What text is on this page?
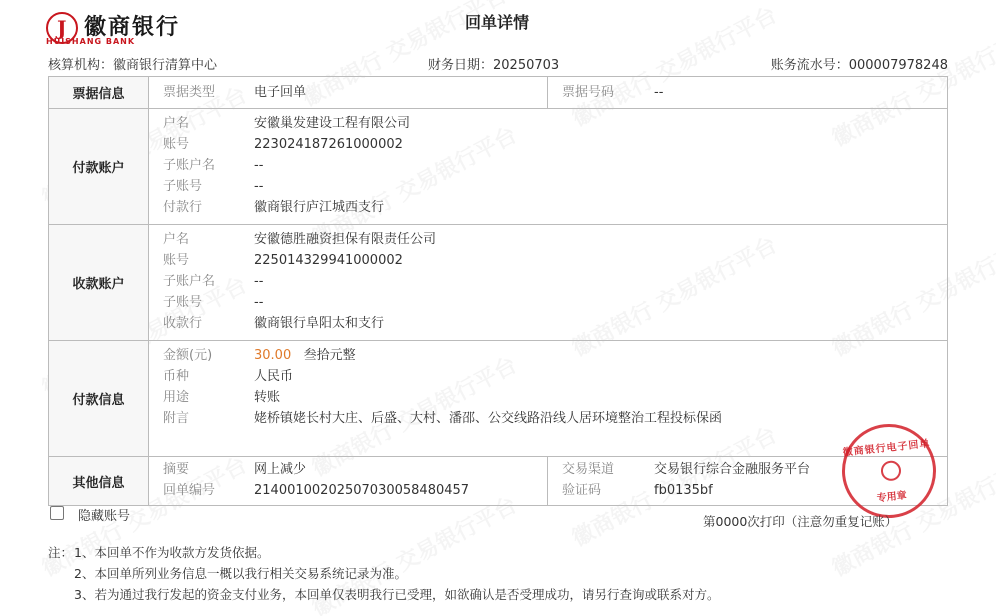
J
徽商银行
HUISHANG BANK
回单详情
核算机构：徽商银行清算中心	财务日期：20250703	账务流水号：000007978248
票据信息	票据类型	电子回单	票据号码	--
付款账户
户名	安徽巢发建设工程有限公司
账号	223024187261000002
子账户名	--
子账号	--
付款行	徽商银行庐江城西支行
收款账户
户名	安徽德胜融资担保有限责任公司
账号	225014329941000002
子账户名	--
子账号	--
收款行	徽商银行阜阳太和支行
付款信息
金额(元)	30.00 叁拾元整
币种	人民币
用途	转账
附言	姥桥镇姥长村大庄、后盛、大村、潘邵、公交线路沿线人居环境整治工程投标保函
其他信息
摘要	网上减少	交易渠道	交易银行综合金融服务平台
回单编号	21400100202507030058480457	验证码	fb0135bf
徽商银行电子回单
专用章
隐藏账号	第0000次打印（注意勿重复记账）
注： 1、本回单不作为收款方发货依据。
2、本回单所列业务信息一概以我行相关交易系统记录为准。
3、若为通过我行发起的资金支付业务，本回单仅表明我行已受理，如欲确认是否受理成功，请另行查询或联系对方。
